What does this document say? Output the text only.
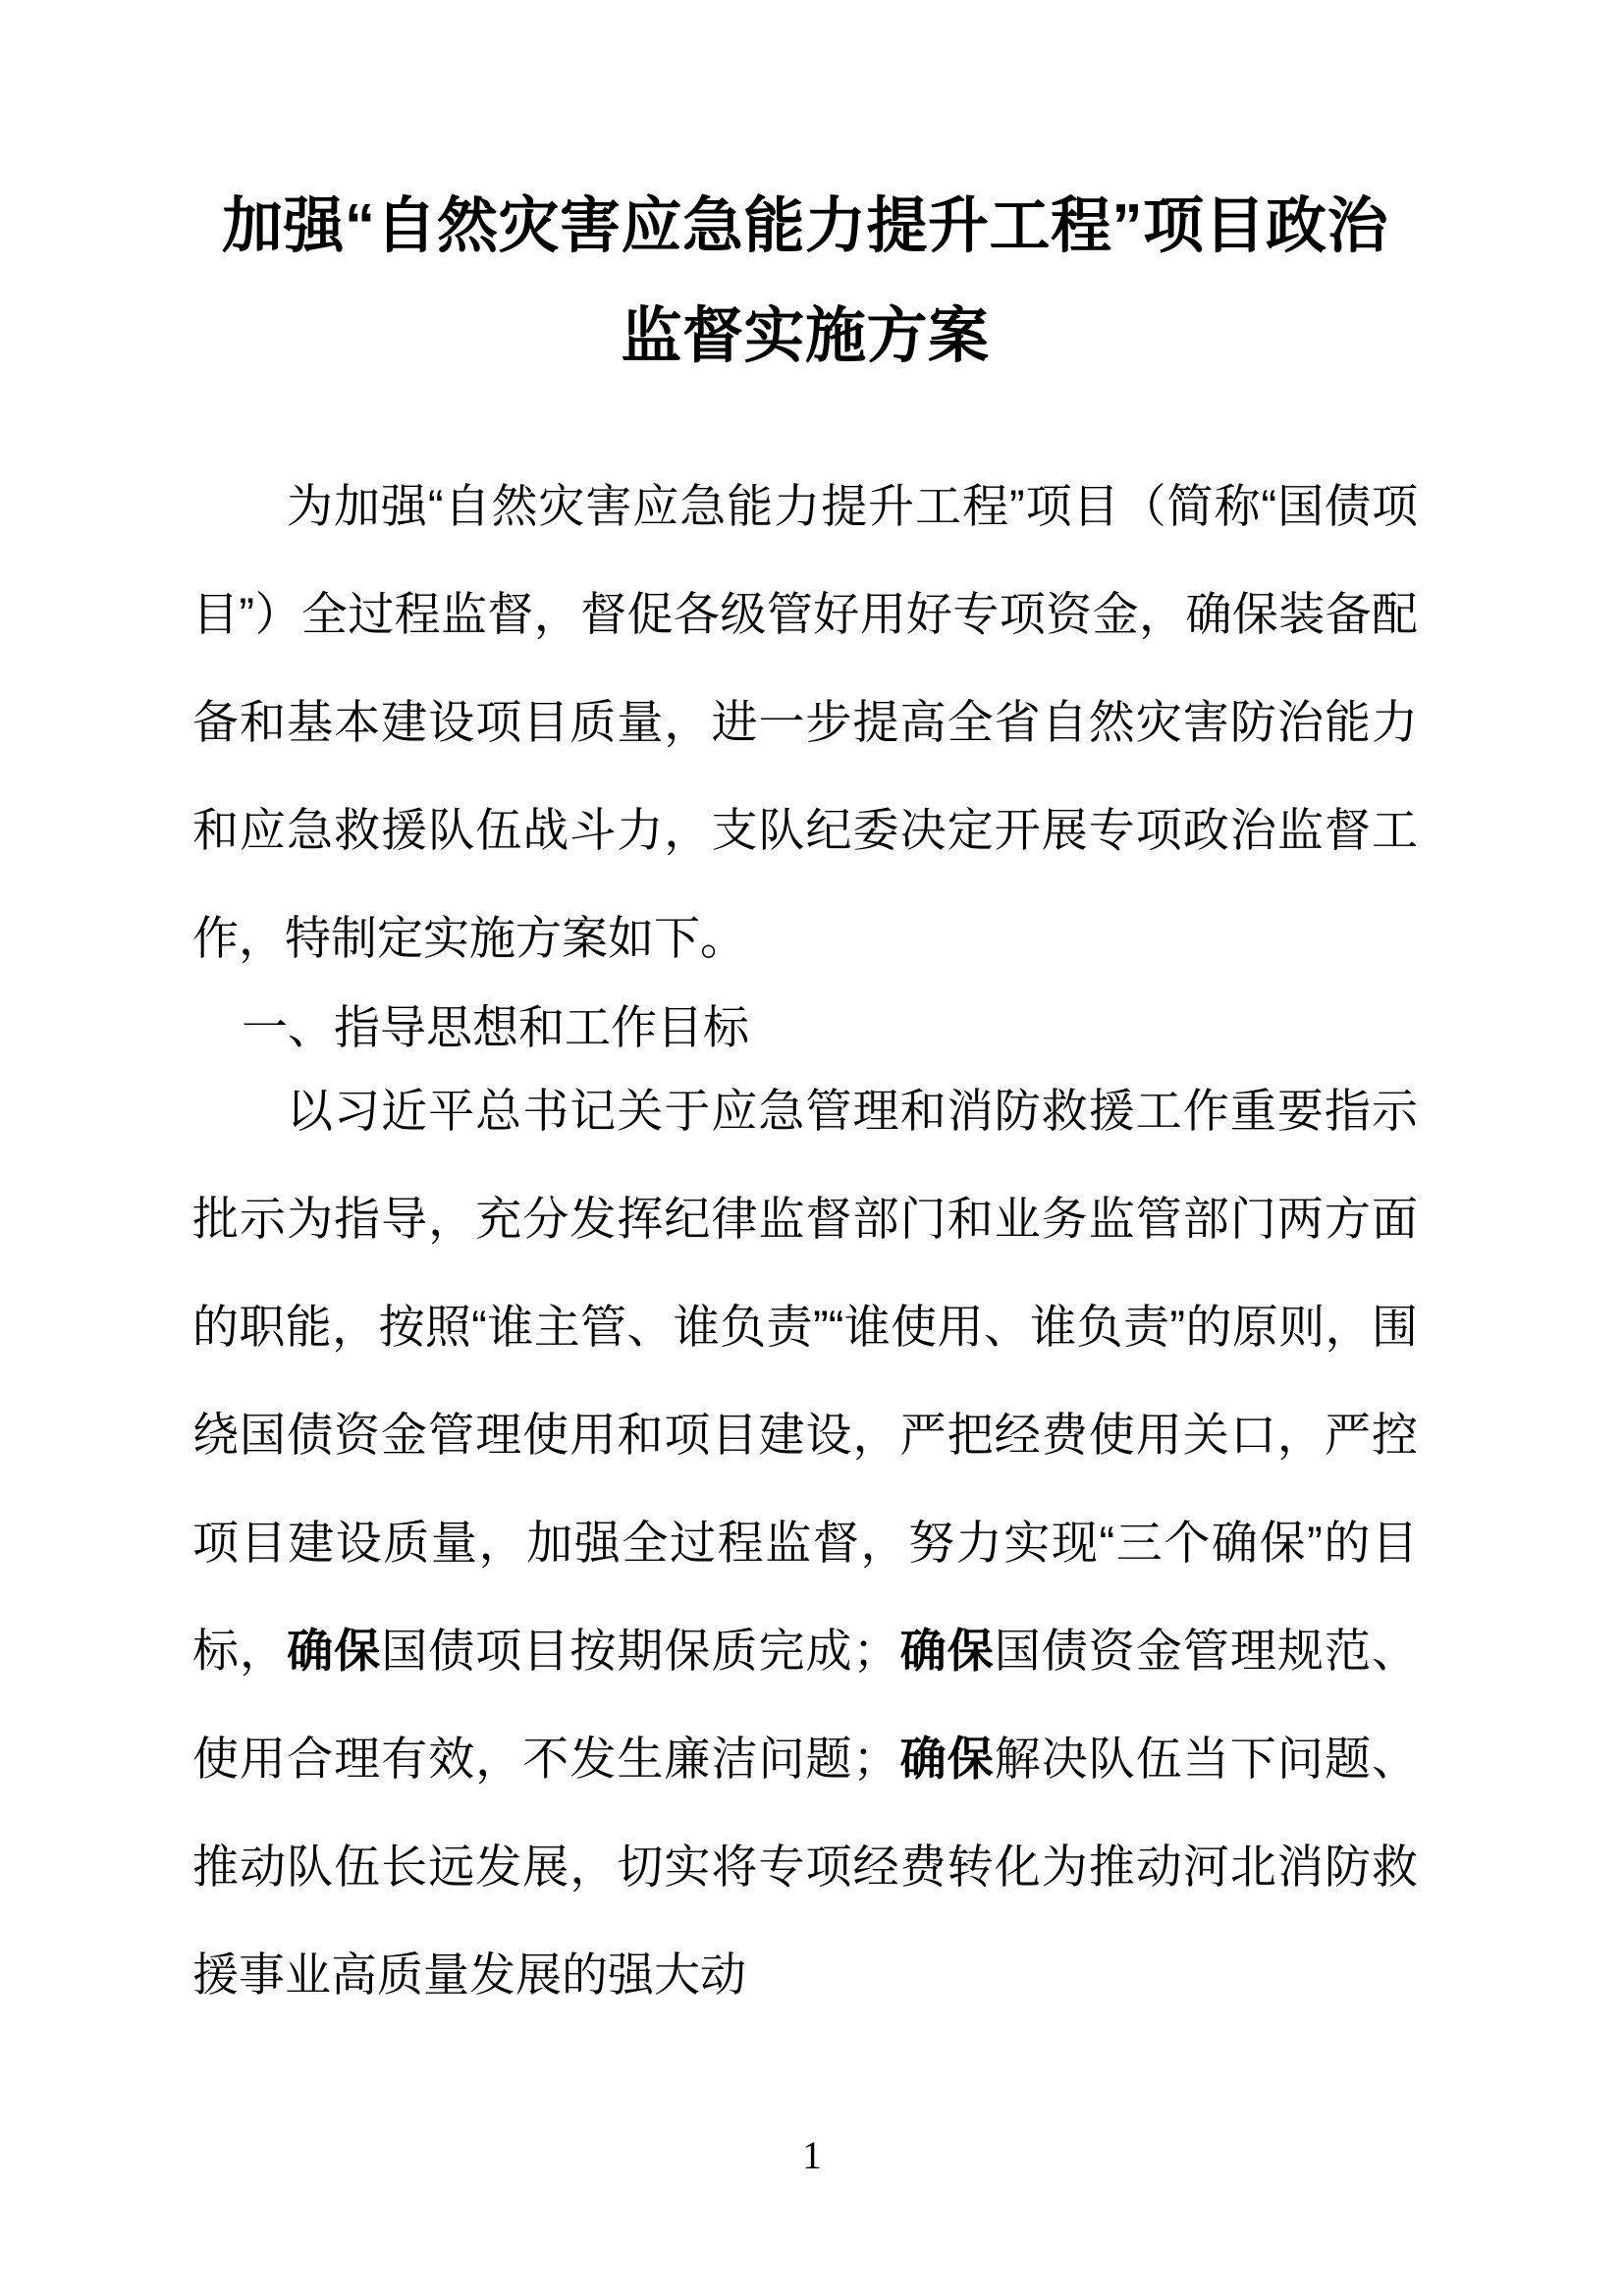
加强“自然灾害应急能力提升工程”项目政治
监督实施方案

为加强“自然灾害应急能力提升工程”项目（简称“国债项目”）全过程监督，督促各级管好用好专项资金，确保装备配备和基本建设项目质量，进一步提高全省自然灾害防治能力和应急救援队伍战斗力，支队纪委决定开展专项政治监督工作，特制定实施方案如下。

一、指导思想和工作目标

以习近平总书记关于应急管理和消防救援工作重要指示批示为指导，充分发挥纪律监督部门和业务监管部门两方面的职能，按照“谁主管、谁负责”“谁使用、谁负责”的原则，围绕国债资金管理使用和项目建设，严把经费使用关口，严控项目建设质量，加强全过程监督，努力实现“三个确保”的目标，确保国债项目按期保质完成；确保国债资金管理规范、使用合理有效，不发生廉洁问题；确保解决队伍当下问题、推动队伍长远发展，切实将专项经费转化为推动河北消防救援事业高质量发展的强大动

1
